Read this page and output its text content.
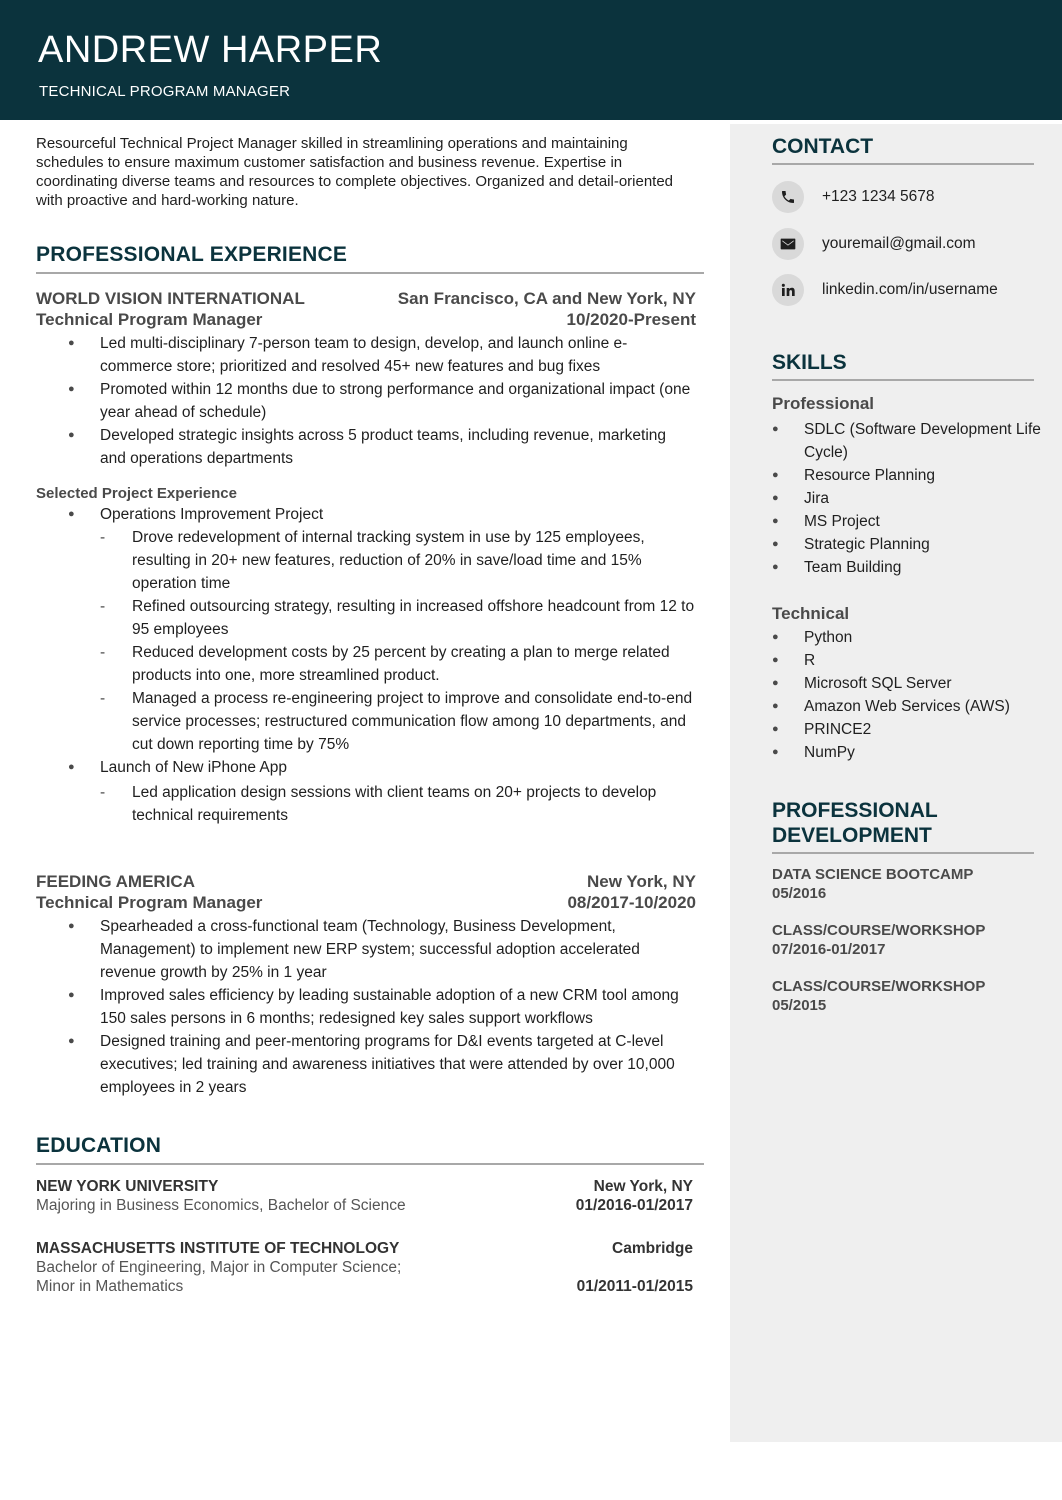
ANDREW HARPER
TECHNICAL PROGRAM MANAGER

Resourceful Technical Project Manager skilled in streamlining operations and maintaining schedules to ensure maximum customer satisfaction and business revenue. Expertise in coordinating diverse teams and resources to complete objectives. Organized and detail-oriented with proactive and hard-working nature.

PROFESSIONAL EXPERIENCE
WORLD VISION INTERNATIONAL	San Francisco, CA and New York, NY
Technical Program Manager	10/2020-Present
● Led multi-disciplinary 7-person team to design, develop, and launch online e-commerce store; prioritized and resolved 45+ new features and bug fixes
● Promoted within 12 months due to strong performance and organizational impact (one year ahead of schedule)
● Developed strategic insights across 5 product teams, including revenue, marketing and operations departments
Selected Project Experience
● Operations Improvement Project
- Drove redevelopment of internal tracking system in use by 125 employees, resulting in 20+ new features, reduction of 20% in save/load time and 15% operation time
- Refined outsourcing strategy, resulting in increased offshore headcount from 12 to 95 employees
- Reduced development costs by 25 percent by creating a plan to merge related products into one, more streamlined product.
- Managed a process re-engineering project to improve and consolidate end-to-end service processes; restructured communication flow among 10 departments, and cut down reporting time by 75%
● Launch of New iPhone App
- Led application design sessions with client teams on 20+ projects to develop technical requirements
FEEDING AMERICA	New York, NY
Technical Program Manager	08/2017-10/2020
● Spearheaded a cross-functional team (Technology, Business Development, Management) to implement new ERP system; successful adoption accelerated revenue growth by 25% in 1 year
● Improved sales efficiency by leading sustainable adoption of a new CRM tool among 150 sales persons in 6 months; redesigned key sales support workflows
● Designed training and peer-mentoring programs for D&I events targeted at C-level executives; led training and awareness initiatives that were attended by over 10,000 employees in 2 years
EDUCATION
NEW YORK UNIVERSITY	New York, NY
Majoring in Business Economics, Bachelor of Science	01/2016-01/2017
MASSACHUSETTS INSTITUTE OF TECHNOLOGY	Cambridge
Bachelor of Engineering, Major in Computer Science;
Minor in Mathematics	01/2011-01/2015
CONTACT
+123 1234 5678
youremail@gmail.com
linkedin.com/in/username
SKILLS
Professional
● SDLC (Software Development Life Cycle)
● Resource Planning
● Jira
● MS Project
● Strategic Planning
● Team Building
Technical
● Python
● R
● Microsoft SQL Server
● Amazon Web Services (AWS)
● PRINCE2
● NumPy
PROFESSIONAL DEVELOPMENT
DATA SCIENCE BOOTCAMP
05/2016
CLASS/COURSE/WORKSHOP
07/2016-01/2017
CLASS/COURSE/WORKSHOP
05/2015
